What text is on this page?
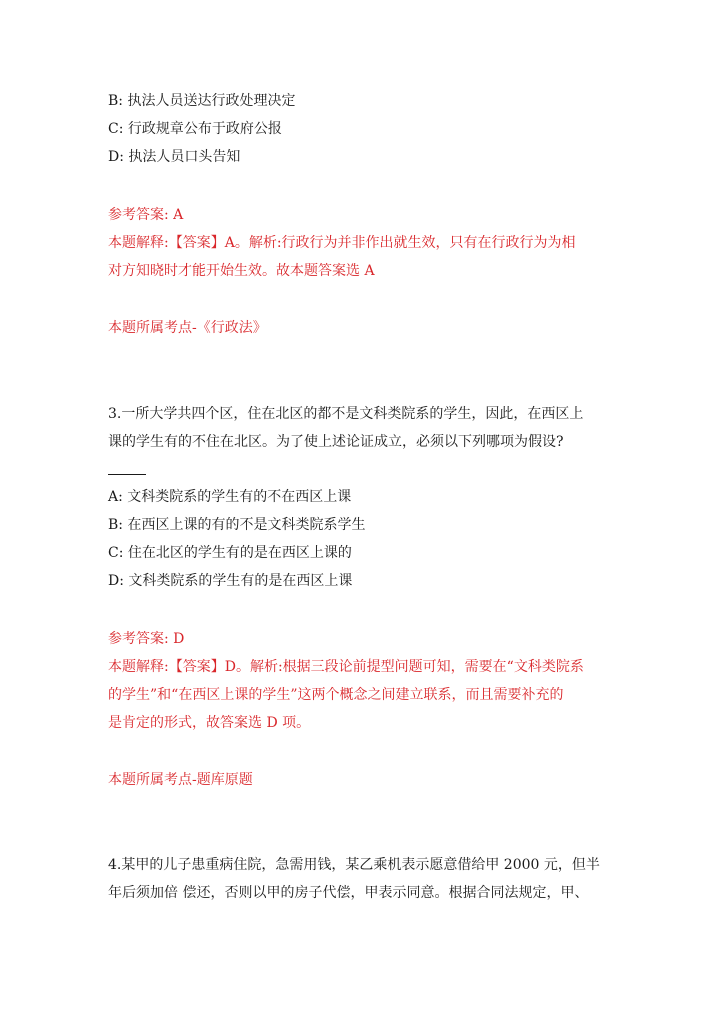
B: 执法人员送达行政处理决定

C: 行政规章公布于政府公报

D: 执法人员口头告知

参考答案: A

本题解释:【答案】A。解析:行政行为并非作出就生效，只有在行政行为为相

对方知晓时才能开始生效。故本题答案选 A

本题所属考点-《行政法》

3.一所大学共四个区，住在北区的都不是文科类院系的学生，因此，在西区上

课的学生有的不住在北区。为了使上述论证成立，必须以下列哪项为假设?

A: 文科类院系的学生有的不在西区上课

B: 在西区上课的有的不是文科类院系学生

C: 住在北区的学生有的是在西区上课的

D: 文科类院系的学生有的是在西区上课

参考答案: D

本题解释:【答案】D。解析:根据三段论前提型问题可知，需要在“文科类院系

的学生”和“在西区上课的学生”这两个概念之间建立联系，而且需要补充的

是肯定的形式，故答案选 D 项。

本题所属考点-题库原题

4.某甲的儿子患重病住院，急需用钱，某乙乘机表示愿意借给甲 2000 元，但半

年后须加倍 偿还，否则以甲的房子代偿，甲表示同意。根据合同法规定，甲、
